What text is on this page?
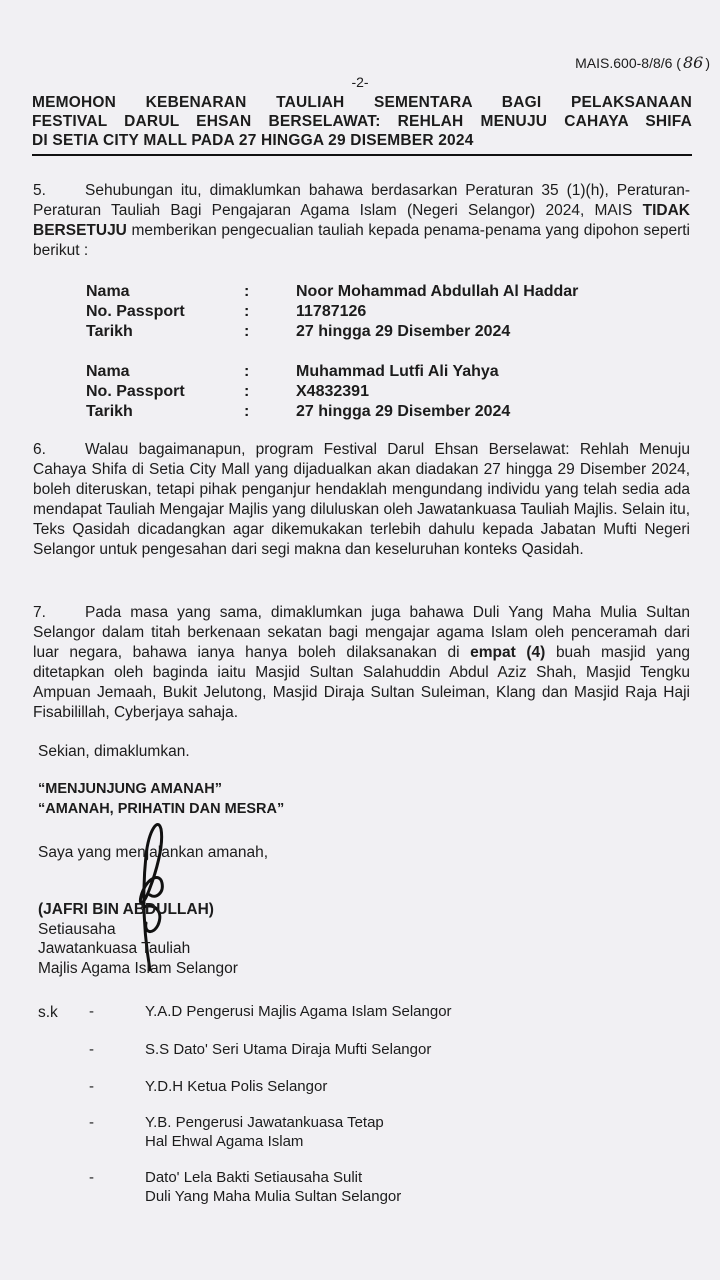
MAIS.600-8/8/6 ( 86 )
-2-
MEMOHON KEBENARAN TAULIAH SEMENTARA BAGI PELAKSANAAN
FESTIVAL DARUL EHSAN BERSELAWAT: REHLAH MENUJU CAHAYA SHIFA
DI SETIA CITY MALL PADA 27 HINGGA 29 DISEMBER 2024
5.	Sehubungan itu, dimaklumkan bahawa berdasarkan Peraturan 35 (1)(h), Peraturan-Peraturan Tauliah Bagi Pengajaran Agama Islam (Negeri Selangor) 2024, MAIS TIDAK BERSETUJU memberikan pengecualian tauliah kepada penama-penama yang dipohon seperti berikut :
Nama	:	Noor Mohammad Abdullah Al Haddar
No. Passport	:	11787126
Tarikh	:	27 hingga 29 Disember 2024
Nama	:	Muhammad Lutfi Ali Yahya
No. Passport	:	X4832391
Tarikh	:	27 hingga 29 Disember 2024
6.	Walau bagaimanapun, program Festival Darul Ehsan Berselawat: Rehlah Menuju Cahaya Shifa di Setia City Mall yang dijadualkan akan diadakan 27 hingga 29 Disember 2024, boleh diteruskan, tetapi pihak penganjur hendaklah mengundang individu yang telah sedia ada mendapat Tauliah Mengajar Majlis yang diluluskan oleh Jawatankuasa Tauliah Majlis. Selain itu, Teks Qasidah dicadangkan agar dikemukakan terlebih dahulu kepada Jabatan Mufti Negeri Selangor untuk pengesahan dari segi makna dan keseluruhan konteks Qasidah.
7.	Pada masa yang sama, dimaklumkan juga bahawa Duli Yang Maha Mulia Sultan Selangor dalam titah berkenaan sekatan bagi mengajar agama Islam oleh penceramah dari luar negara, bahawa ianya hanya boleh dilaksanakan di empat (4) buah masjid yang ditetapkan oleh baginda iaitu Masjid Sultan Salahuddin Abdul Aziz Shah, Masjid Tengku Ampuan Jemaah, Bukit Jelutong, Masjid Diraja Sultan Suleiman, Klang dan Masjid Raja Haji Fisabilillah, Cyberjaya sahaja.
Sekian, dimaklumkan.
“MENJUNJUNG AMANAH”
“AMANAH, PRIHATIN DAN MESRA”
Saya yang menjalankan amanah,
(JAFRI BIN ABDULLAH)
Setiausaha
Jawatankuasa Tauliah
Majlis Agama Islam Selangor
s.k -	Y.A.D Pengerusi Majlis Agama Islam Selangor
-	S.S Dato' Seri Utama Diraja Mufti Selangor
-	Y.D.H Ketua Polis Selangor
-	Y.B. Pengerusi Jawatankuasa Tetap
Hal Ehwal Agama Islam
-	Dato' Lela Bakti Setiausaha Sulit
Duli Yang Maha Mulia Sultan Selangor
